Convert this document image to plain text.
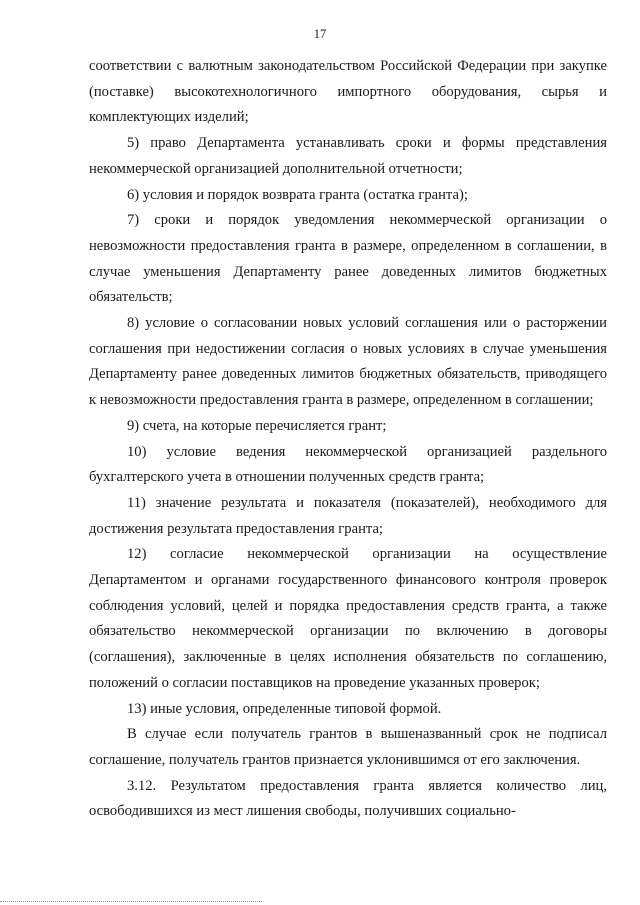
17

соответствии с валютным законодательством Российской Федерации при закупке (поставке) высокотехнологичного импортного оборудования, сырья и комплектующих изделий;

5) право Департамента устанавливать сроки и формы представления некоммерческой организацией дополнительной отчетности;

6) условия и порядок возврата гранта (остатка гранта);

7) сроки и порядок уведомления некоммерческой организации о невозможности предоставления гранта в размере, определенном в соглашении, в случае уменьшения Департаменту ранее доведенных лимитов бюджетных обязательств;

8) условие о согласовании новых условий соглашения или о расторжении соглашения при недостижении согласия о новых условиях в случае уменьшения Департаменту ранее доведенных лимитов бюджетных обязательств, приводящего к невозможности предоставления гранта в размере, определенном в соглашении;

9) счета, на которые перечисляется грант;

10) условие ведения некоммерческой организацией раздельного бухгалтерского учета в отношении полученных средств гранта;

11) значение результата и показателя (показателей), необходимого для достижения результата предоставления гранта;

12) согласие некоммерческой организации на осуществление Департаментом и органами государственного финансового контроля проверок соблюдения условий, целей и порядка предоставления средств гранта, а также обязательство некоммерческой организации по включению в договоры (соглашения), заключенные в целях исполнения обязательств по соглашению, положений о согласии поставщиков на проведение указанных проверок;

13) иные условия, определенные типовой формой.

В случае если получатель грантов в вышеназванный срок не подписал соглашение, получатель грантов признается уклонившимся от его заключения.

3.12. Результатом предоставления гранта является количество лиц, освободившихся из мест лишения свободы, получивших социально-
